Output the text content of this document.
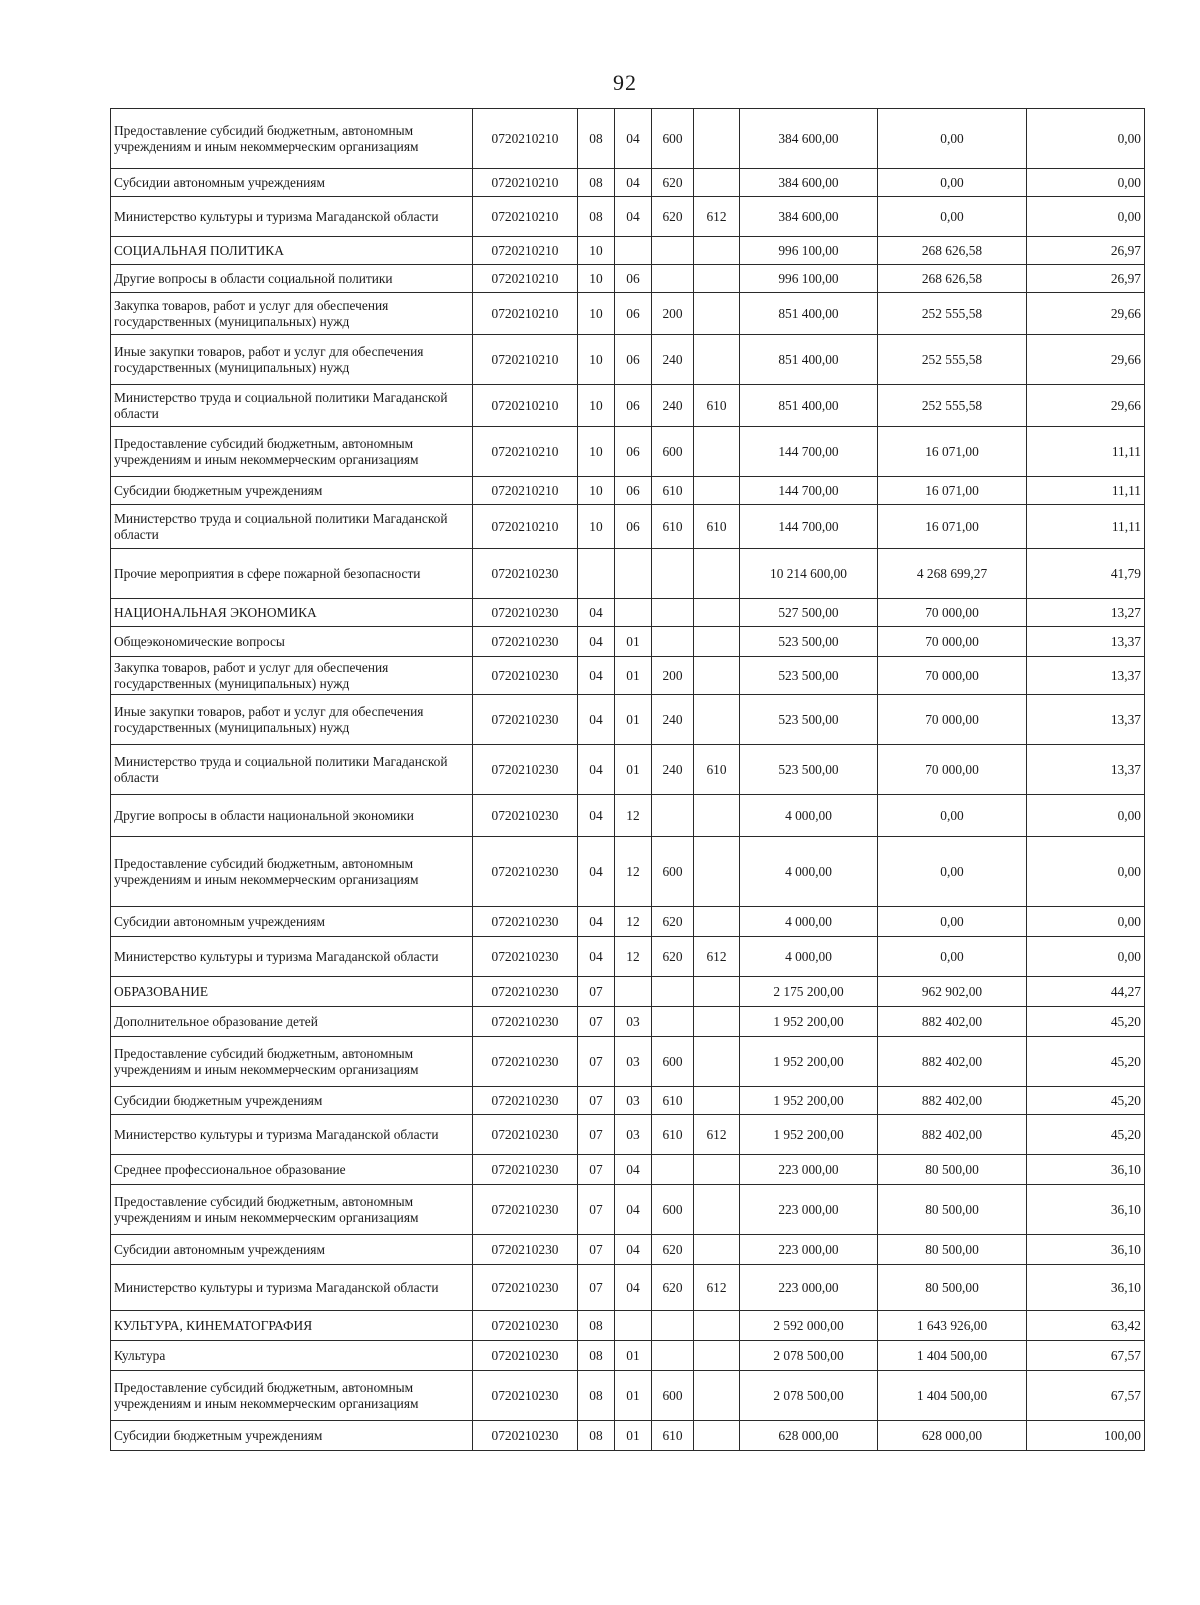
92
Предоставление субсидий бюджетным, автономным учреждениям и иным некоммерческим организациям	0720210210	08	04	600		384 600,00	0,00	0,00
Субсидии автономным учреждениям	0720210210	08	04	620		384 600,00	0,00	0,00
Министерство культуры и туризма Магаданской области	0720210210	08	04	620	612	384 600,00	0,00	0,00
СОЦИАЛЬНАЯ ПОЛИТИКА	0720210210	10				996 100,00	268 626,58	26,97
Другие вопросы в области социальной политики	0720210210	10	06			996 100,00	268 626,58	26,97
Закупка товаров, работ и услуг для обеспечения государственных (муниципальных) нужд	0720210210	10	06	200		851 400,00	252 555,58	29,66
Иные закупки товаров, работ и услуг для обеспечения государственных (муниципальных) нужд	0720210210	10	06	240		851 400,00	252 555,58	29,66
Министерство труда и социальной политики Магаданской области	0720210210	10	06	240	610	851 400,00	252 555,58	29,66
Предоставление субсидий бюджетным, автономным учреждениям и иным некоммерческим организациям	0720210210	10	06	600		144 700,00	16 071,00	11,11
Субсидии бюджетным учреждениям	0720210210	10	06	610		144 700,00	16 071,00	11,11
Министерство труда и социальной политики Магаданской области	0720210210	10	06	610	610	144 700,00	16 071,00	11,11
Прочие мероприятия в сфере пожарной безопасности	0720210230					10 214 600,00	4 268 699,27	41,79
НАЦИОНАЛЬНАЯ ЭКОНОМИКА	0720210230	04				527 500,00	70 000,00	13,27
Общеэкономические вопросы	0720210230	04	01			523 500,00	70 000,00	13,37
Закупка товаров, работ и услуг для обеспечения государственных (муниципальных) нужд	0720210230	04	01	200		523 500,00	70 000,00	13,37
Иные закупки товаров, работ и услуг для обеспечения государственных (муниципальных) нужд	0720210230	04	01	240		523 500,00	70 000,00	13,37
Министерство труда и социальной политики Магаданской области	0720210230	04	01	240	610	523 500,00	70 000,00	13,37
Другие вопросы в области национальной экономики	0720210230	04	12			4 000,00	0,00	0,00
Предоставление субсидий бюджетным, автономным учреждениям и иным некоммерческим организациям	0720210230	04	12	600		4 000,00	0,00	0,00
Субсидии автономным учреждениям	0720210230	04	12	620		4 000,00	0,00	0,00
Министерство культуры и туризма Магаданской области	0720210230	04	12	620	612	4 000,00	0,00	0,00
ОБРАЗОВАНИЕ	0720210230	07				2 175 200,00	962 902,00	44,27
Дополнительное образование детей	0720210230	07	03			1 952 200,00	882 402,00	45,20
Предоставление субсидий бюджетным, автономным учреждениям и иным некоммерческим организациям	0720210230	07	03	600		1 952 200,00	882 402,00	45,20
Субсидии бюджетным учреждениям	0720210230	07	03	610		1 952 200,00	882 402,00	45,20
Министерство культуры и туризма Магаданской области	0720210230	07	03	610	612	1 952 200,00	882 402,00	45,20
Среднее профессиональное образование	0720210230	07	04			223 000,00	80 500,00	36,10
Предоставление субсидий бюджетным, автономным учреждениям и иным некоммерческим организациям	0720210230	07	04	600		223 000,00	80 500,00	36,10
Субсидии автономным учреждениям	0720210230	07	04	620		223 000,00	80 500,00	36,10
Министерство культуры и туризма Магаданской области	0720210230	07	04	620	612	223 000,00	80 500,00	36,10
КУЛЬТУРА, КИНЕМАТОГРАФИЯ	0720210230	08				2 592 000,00	1 643 926,00	63,42
Культура	0720210230	08	01			2 078 500,00	1 404 500,00	67,57
Предоставление субсидий бюджетным, автономным учреждениям и иным некоммерческим организациям	0720210230	08	01	600		2 078 500,00	1 404 500,00	67,57
Субсидии бюджетным учреждениям	0720210230	08	01	610		628 000,00	628 000,00	100,00
